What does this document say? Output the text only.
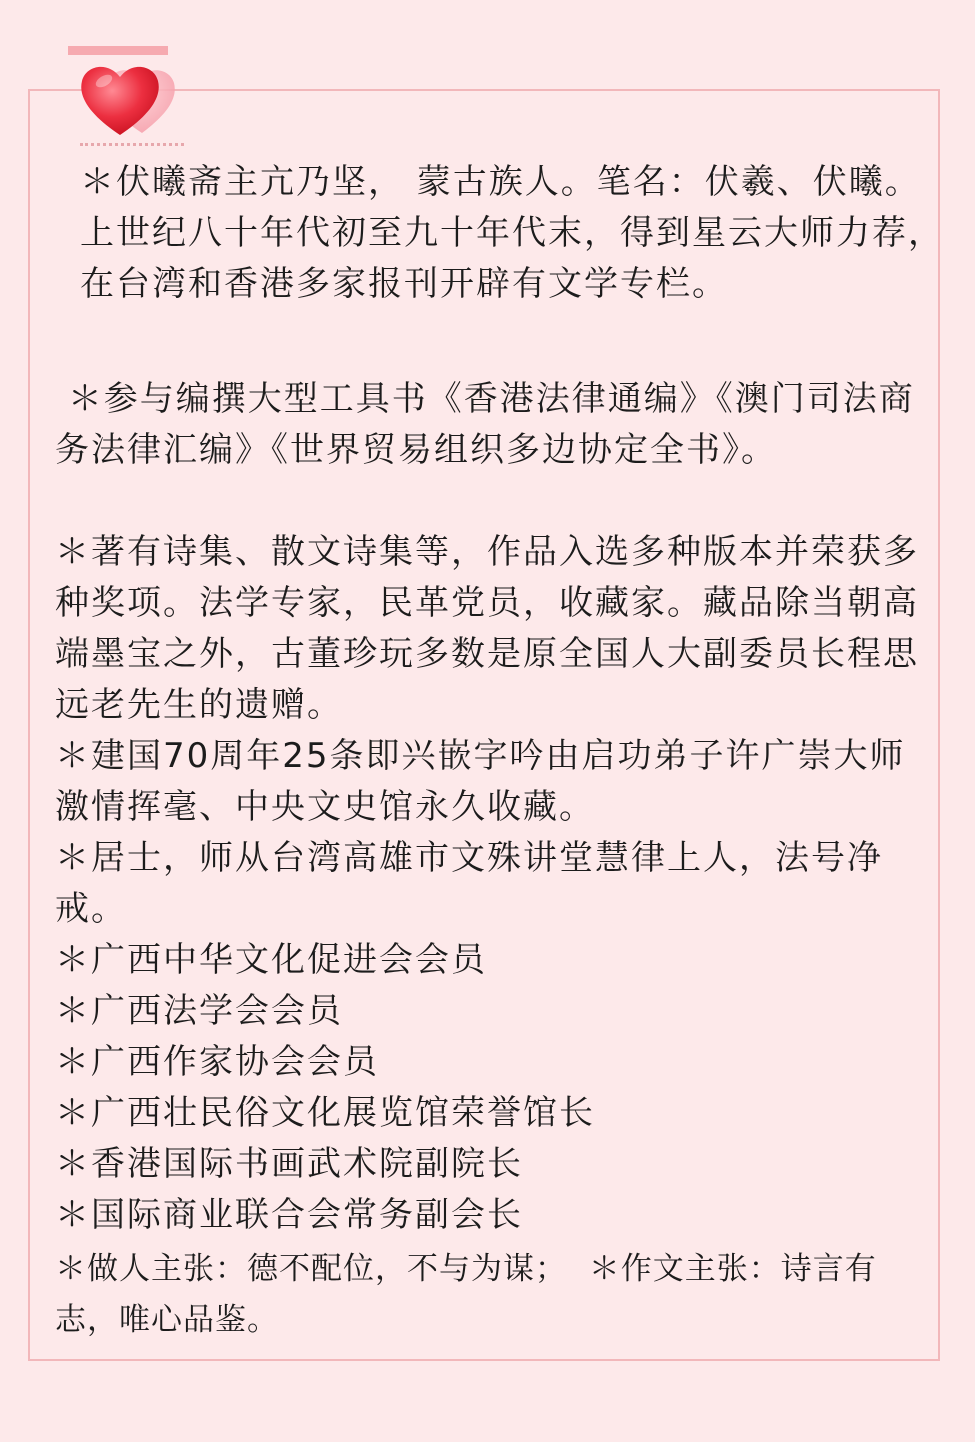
＊伏曦斋主亢乃坚， 蒙古族人。笔名：伏羲、伏曦。上世纪八十年代初至九十年代末，得到星云大师力荐，在台湾和香港多家报刊开辟有文学专栏。

＊参与编撰大型工具书《香港法律通编》《澳门司法商务法律汇编》《世界贸易组织多边协定全书》。

＊著有诗集、散文诗集等，作品入选多种版本并荣获多种奖项。法学专家，民革党员，收藏家。藏品除当朝高端墨宝之外，古董珍玩多数是原全国人大副委员长程思远老先生的遗赠。

＊建国70周年25条即兴嵌字吟由启功弟子许广崇大师激情挥毫、中央文史馆永久收藏。

＊居士，师从台湾高雄市文殊讲堂慧律上人，法号净戒。

＊广西中华文化促进会会员

＊广西法学会会员

＊广西作家协会会员

＊广西壮民俗文化展览馆荣誉馆长

＊香港国际书画武术院副院长

＊国际商业联合会常务副会长

＊做人主张：德不配位，不与为谋；  ＊作文主张：诗言有志，唯心品鉴。
